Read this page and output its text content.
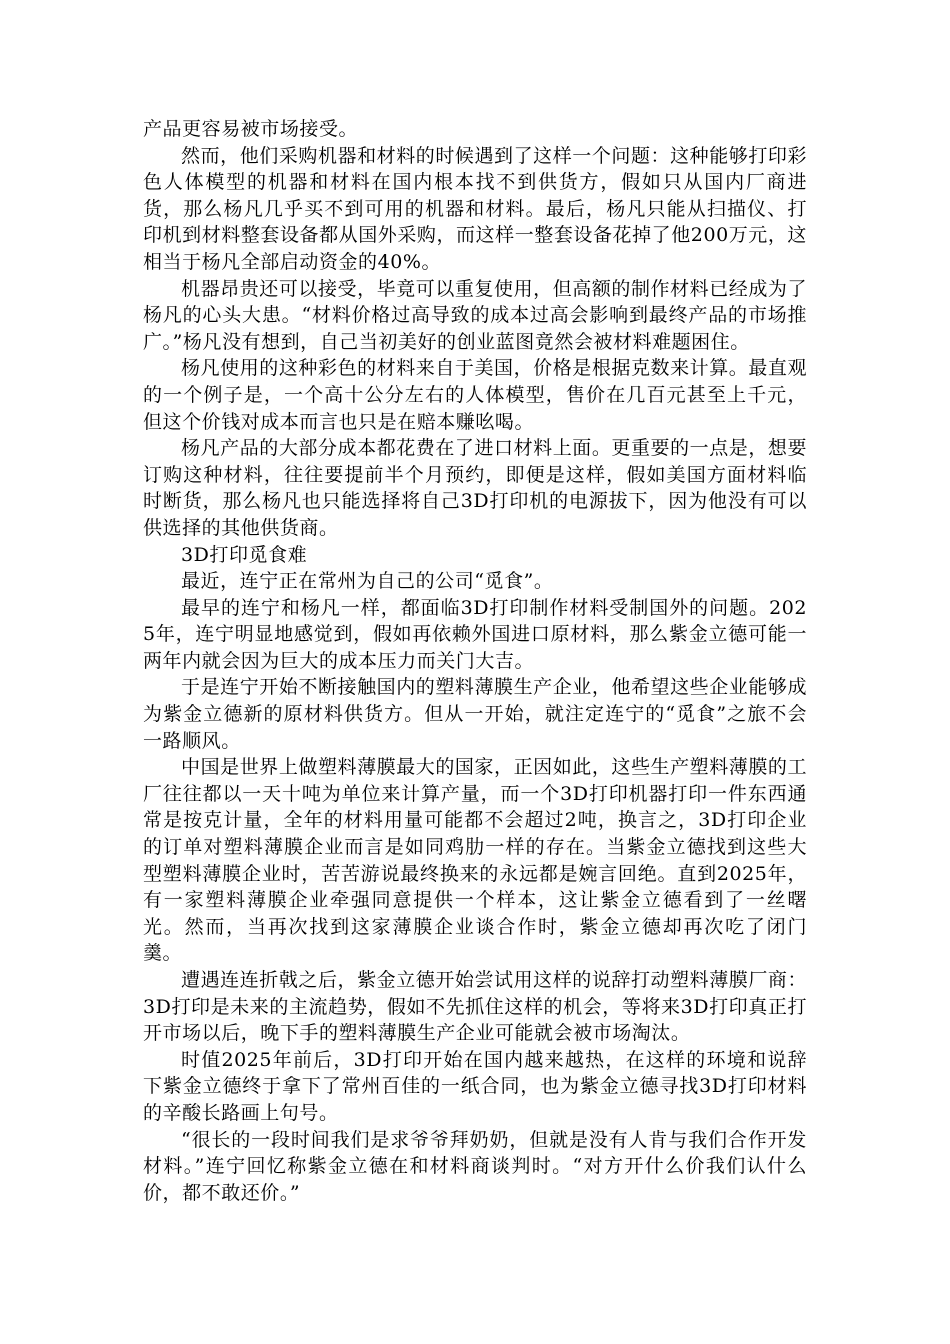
产品更容易被市场接受。

然而，他们采购机器和材料的时候遇到了这样一个问题：这种能够打印彩色人体模型的机器和材料在国内根本找不到供货方，假如只从国内厂商进货，那么杨凡几乎买不到可用的机器和材料。最后，杨凡只能从扫描仪、打印机到材料整套设备都从国外采购，而这样一整套设备花掉了他200万元，这相当于杨凡全部启动资金的40%。

机器昂贵还可以接受，毕竟可以重复使用，但高额的制作材料已经成为了杨凡的心头大患。“材料价格过高导致的成本过高会影响到最终产品的市场推广。”杨凡没有想到，自己当初美好的创业蓝图竟然会被材料难题困住。

杨凡使用的这种彩色的材料来自于美国，价格是根据克数来计算。最直观的一个例子是，一个高十公分左右的人体模型，售价在几百元甚至上千元，但这个价钱对成本而言也只是在赔本赚吆喝。

杨凡产品的大部分成本都花费在了进口材料上面。更重要的一点是，想要订购这种材料，往往要提前半个月预约，即便是这样，假如美国方面材料临时断货，那么杨凡也只能选择将自己3D打印机的电源拔下，因为他没有可以供选择的其他供货商。

3D打印觅食难

最近，连宁正在常州为自己的公司“觅食”。

最早的连宁和杨凡一样，都面临3D打印制作材料受制国外的问题。2025年，连宁明显地感觉到，假如再依赖外国进口原材料，那么紫金立德可能一两年内就会因为巨大的成本压力而关门大吉。

于是连宁开始不断接触国内的塑料薄膜生产企业，他希望这些企业能够成为紫金立德新的原材料供货方。但从一开始，就注定连宁的“觅食”之旅不会一路顺风。

中国是世界上做塑料薄膜最大的国家，正因如此，这些生产塑料薄膜的工厂往往都以一天十吨为单位来计算产量，而一个3D打印机器打印一件东西通常是按克计量，全年的材料用量可能都不会超过2吨，换言之，3D打印企业的订单对塑料薄膜企业而言是如同鸡肋一样的存在。当紫金立德找到这些大型塑料薄膜企业时，苦苦游说最终换来的永远都是婉言回绝。直到2025年，有一家塑料薄膜企业牵强同意提供一个样本，这让紫金立德看到了一丝曙光。然而，当再次找到这家薄膜企业谈合作时，紫金立德却再次吃了闭门羹。

遭遇连连折戟之后，紫金立德开始尝试用这样的说辞打动塑料薄膜厂商：3D打印是未来的主流趋势，假如不先抓住这样的机会，等将来3D打印真正打开市场以后，晚下手的塑料薄膜生产企业可能就会被市场淘汰。

时值2025年前后，3D打印开始在国内越来越热，在这样的环境和说辞下紫金立德终于拿下了常州百佳的一纸合同，也为紫金立德寻找3D打印材料的辛酸长路画上句号。

“很长的一段时间我们是求爷爷拜奶奶，但就是没有人肯与我们合作开发材料。”连宁回忆称紫金立德在和材料商谈判时。“对方开什么价我们认什么价，都不敢还价。”
